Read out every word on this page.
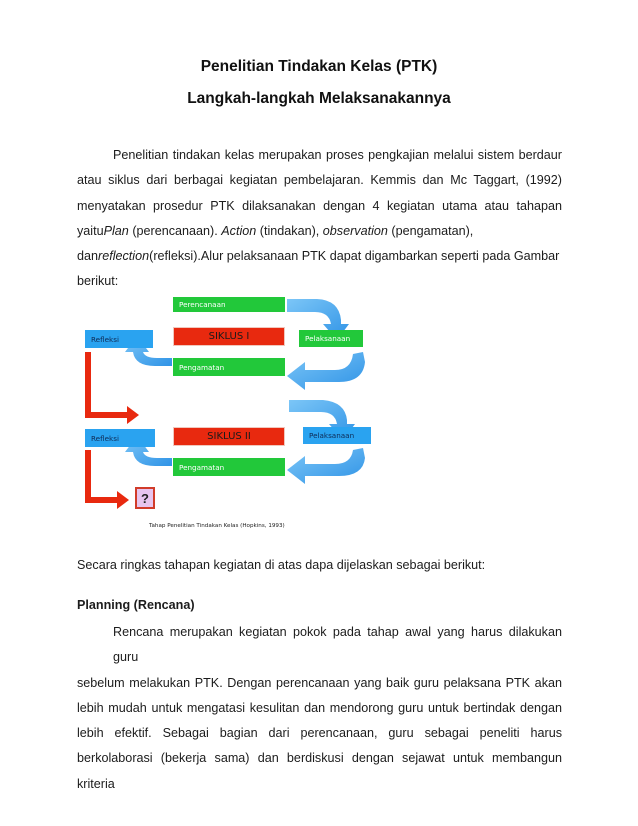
Penelitian Tindakan Kelas (PTK)
Langkah-langkah Melaksanakannya
Penelitian tindakan kelas merupakan proses pengkajian melalui sistem berdaur
atau siklus dari berbagai kegiatan pembelajaran. Kemmis dan Mc Taggart, (1992)
menyatakan prosedur PTK dilaksanakan dengan 4 kegiatan utama atau tahapan
yaituPlan (perencanaan). Action (tindakan), observation (pengamatan),
danreflection(refleksi).Alur pelaksanaan PTK dapat digambarkan seperti pada Gambar
berikut:
Perencanaan
SIKLUS I	Pelaksanaan
Refleksi
Pengamatan
SIKLUS II	Pelaksanaan
Refleksi
Pengamatan
?
Tahap Penelitian Tindakan Kelas (Hopkins, 1993)
Secara ringkas tahapan kegiatan di atas dapa dijelaskan sebagai berikut:
Planning (Rencana)
Rencana merupakan kegiatan pokok pada tahap awal yang harus dilakukan guru
sebelum melakukan PTK. Dengan perencanaan yang baik guru pelaksana PTK akan
lebih mudah untuk mengatasi kesulitan dan mendorong guru untuk bertindak dengan
lebih efektif. Sebagai bagian dari perencanaan, guru sebagai peneliti harus
berkolaborasi (bekerja sama) dan berdiskusi dengan sejawat untuk membangun kriteria
